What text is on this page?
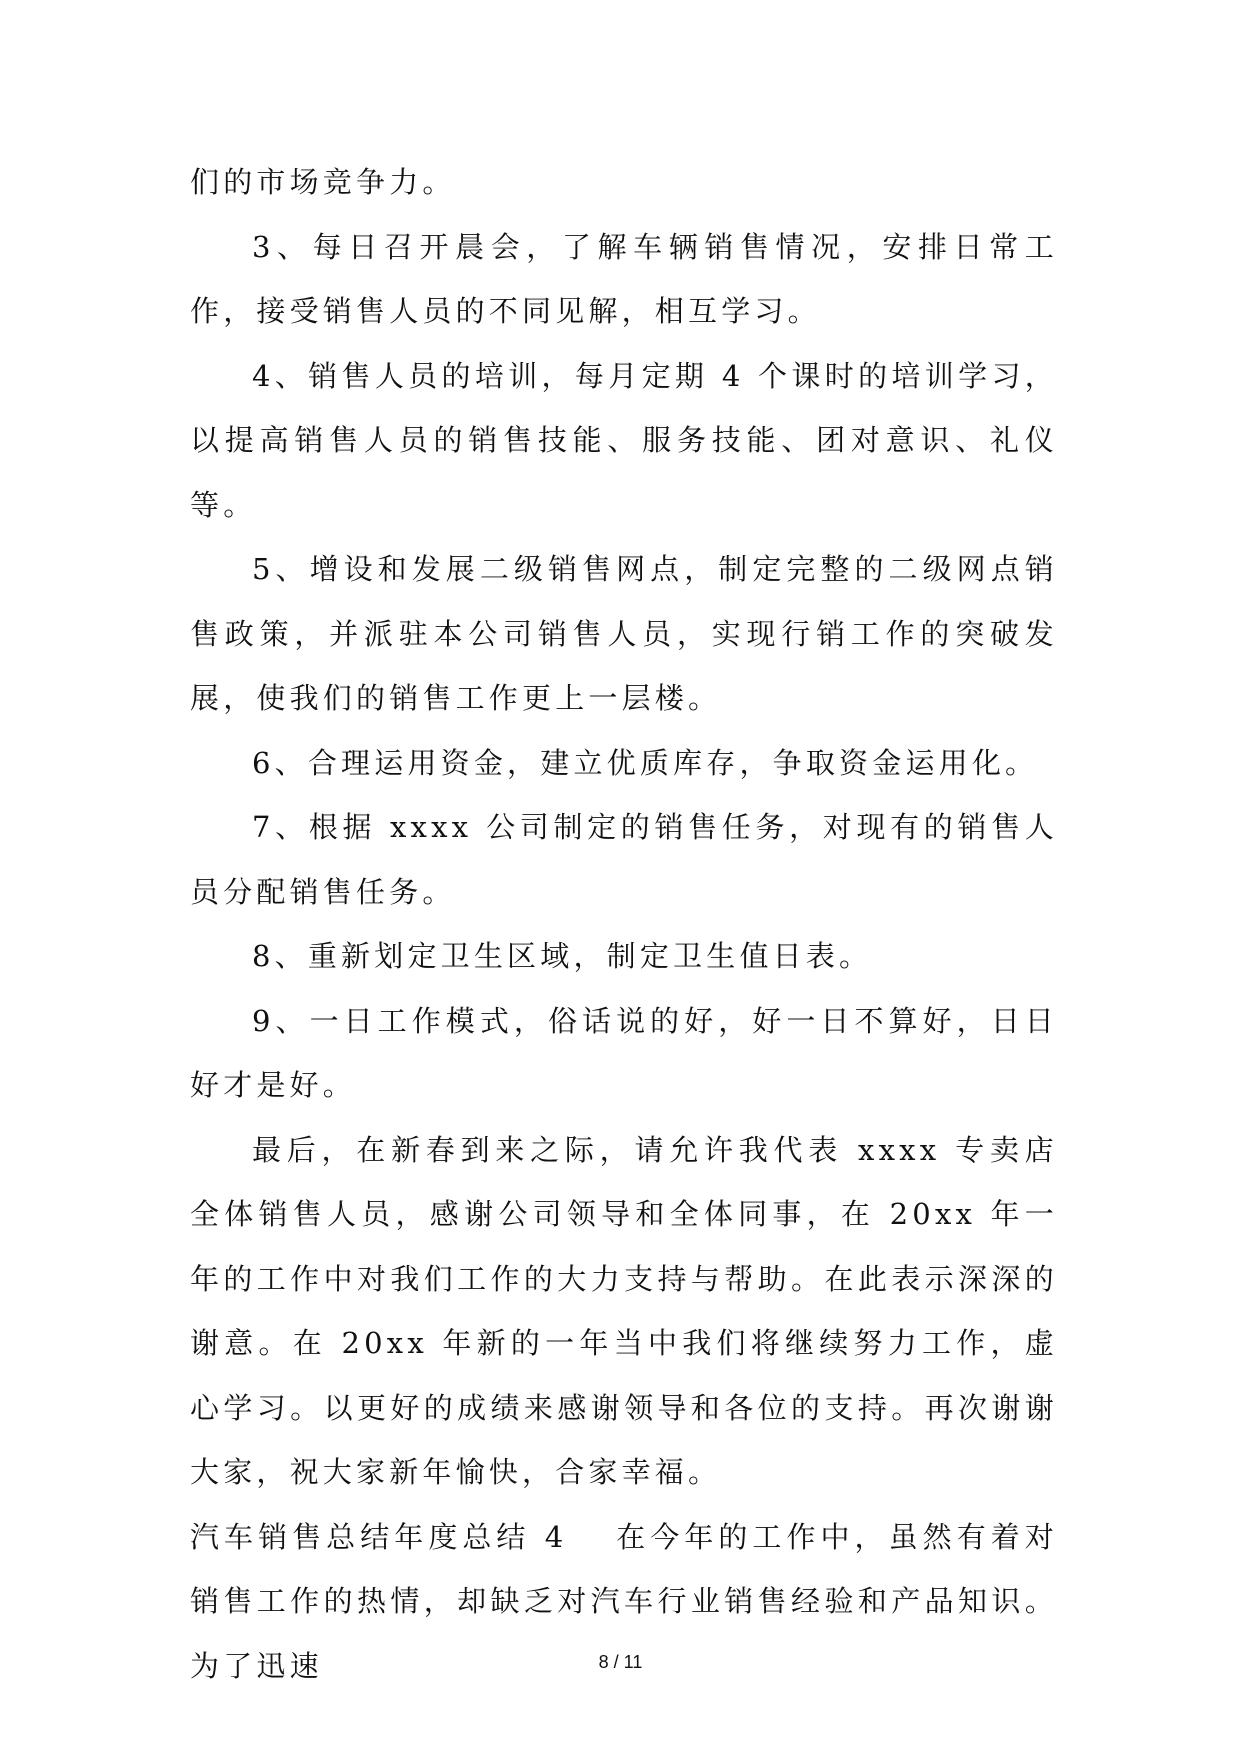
们的市场竞争力。

3、每日召开晨会，了解车辆销售情况，安排日常工作，接受销售人员的不同见解，相互学习。

4、销售人员的培训，每月定期 4 个课时的培训学习，以提高销售人员的销售技能、服务技能、团对意识、礼仪等。

5、增设和发展二级销售网点，制定完整的二级网点销售政策，并派驻本公司销售人员，实现行销工作的突破发展，使我们的销售工作更上一层楼。

6、合理运用资金，建立优质库存，争取资金运用化。

7、根据 xxxx 公司制定的销售任务，对现有的销售人员分配销售任务。

8、重新划定卫生区域，制定卫生值日表。

9、一日工作模式，俗话说的好，好一日不算好，日日好才是好。

最后，在新春到来之际，请允许我代表 xxxx 专卖店全体销售人员，感谢公司领导和全体同事，在 20xx 年一年的工作中对我们工作的大力支持与帮助。在此表示深深的谢意。在 20xx 年新的一年当中我们将继续努力工作，虚心学习。以更好的成绩来感谢领导和各位的支持。再次谢谢大家，祝大家新年愉快，合家幸福。

汽车销售总结年度总结 4 在今年的工作中，虽然有着对销售工作的热情，却缺乏对汽车行业销售经验和产品知识。为了迅速	8 / 11
